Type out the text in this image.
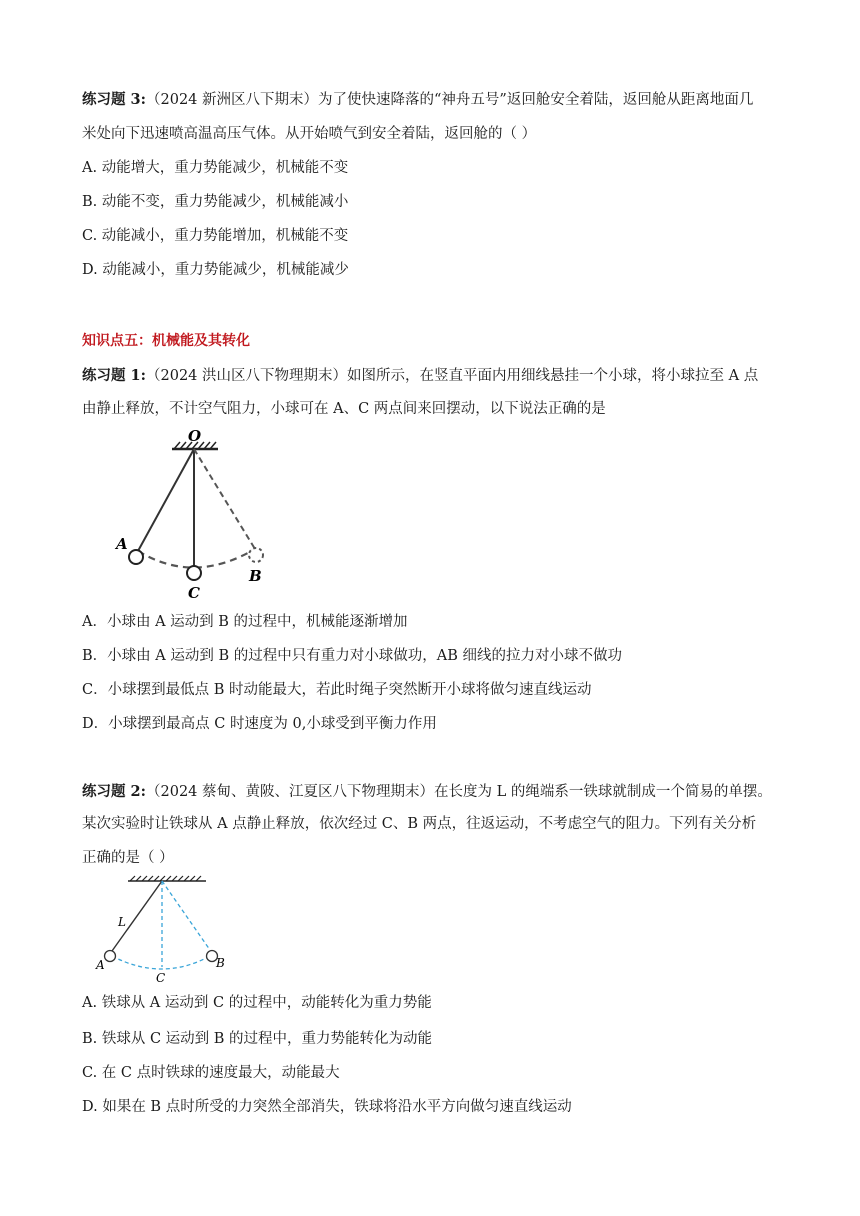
练习题 3:（2024 新洲区八下期末）为了使快速降落的“神舟五号”返回舱安全着陆，返回舱从距离地面几
米处向下迅速喷高温高压气体。从开始喷气到安全着陆，返回舱的（ ）
A. 动能增大，重力势能减少，机械能不变
B. 动能不变，重力势能减少，机械能减小
C. 动能减小，重力势能增加，机械能不变
D. 动能减小，重力势能减少，机械能减少
知识点五：机械能及其转化
练习题 1:（2024 洪山区八下物理期末）如图所示，在竖直平面内用细线悬挂一个小球，将小球拉至 A 点
由静止释放，不计空气阻力，小球可在 A、C 两点间来回摆动，以下说法正确的是
O
A
C
B
A．小球由 A 运动到 B 的过程中，机械能逐渐增加
B．小球由 A 运动到 B 的过程中只有重力对小球做功，AB 细线的拉力对小球不做功
C．小球摆到最低点 B 时动能最大，若此时绳子突然断开小球将做匀速直线运动
D．小球摆到最高点 C 时速度为 0,小球受到平衡力作用
练习题 2:（2024 蔡甸、黄陂、江夏区八下物理期末）在长度为 L 的绳端系一铁球就制成一个简易的单摆。
某次实验时让铁球从 A 点静止释放，依次经过 C、B 两点，往返运动，不考虑空气的阻力。下列有关分析
正确的是（ ）
L
A
C
B
A. 铁球从 A 运动到 C 的过程中，动能转化为重力势能
B. 铁球从 C 运动到 B 的过程中，重力势能转化为动能
C. 在 C 点时铁球的速度最大，动能最大
D. 如果在 B 点时所受的力突然全部消失，铁球将沿水平方向做匀速直线运动
